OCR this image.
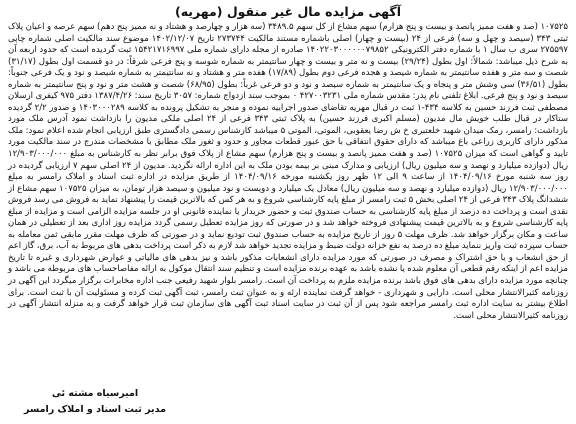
آگهی مزایده مال غیر منقول (مهریه)

۱۰۷۵۲۵ (صد و هفت ممیز پانصد و بیست و پنج هزارم) سهم مشاع از کل سهم ۳۴۸۹.۵ (سه هزار و چهارصد و هشتاد و نه ممیز پنج دهم) سهم عرصه و اعیان پلاک ثبتی ۳۴۳ (سیصد و چهل و سه) فرعی از ۲۴ (بیست و چهار) اصلی باشماره مستند مالکیت ۲۷۳۷۴۴ تاریخ ۱۴۰۲/۱۲/۰۷ موضوع سند مالکیت اصلی شماره چاپی ۲۷۵۵۹۷ سری ب سال ۱ با شماره دفتر الکترونیکی ۱۴۰۲۲۰۳۰۰۰۰۰۰۷۹۸۵۲ صادره از مجله دارای شماره ملی ۱۵۴۲۱۷۱۶۹۹۷ ثبت گردیده است که حدود اربعه آن به شرح ذیل میباشد: شمالاً: اول بطول (۲۹/۲۴) بیست و نه متر و بیست و چهار سانتیمتر به شماره شوسه و پنج فرعی شرقاً: در دو قسمت اول بطول (۳۱/۱۷) شصت و سه متر و هفده سانتیمتر به شماره شیصد و هجده فرعی دوم بطول (۱۷/۸۹) هفده متر و هشتاد و نه سانتیمتر به شماره شیصد و نود و یک فرعی جنوباً: بطول (۳۶/۵۱) سی وشش متر و پنجاه و یک سانتیمتر به شماره سیصد و نود و دو فرعی غرباً: بطول (۶۸/۹۵) شصت و هشت متر و نود و پنج سانتیمتر به شماره سیصد و نود و پنج فرعی. ابلاغ تلفنی نام پدر: مقدس شماره ملی ۴۲۷۰۰۳۲۳۱ ۰ بموجب سند ازدواج شماره: ۳۰۵۷ تاریخ سند: ۱۳۸۷/۴/۲۶ دفتر ۹۷۵ کیفری ارسلان مصطفی ثبت فرزند حسین به کلاسه ۴۳۴-۱ ثبت در قبال مهریه تقاضای صدور اجراییه نموده و منجر به تشکیل پرونده به کلاسه ۱۴۰۳۰۰۰۲۸۹ و صدور ۲/۲ گردیده ستاکار در قبال طلب خویش مال مدیون (مسلم اکبری فرزند حسین) به پلاک ثبتی ۳۴۳ فرعی از ۲۴ اصلی ملکی مدیون را بازداشت نمود آدرس ملک مورد بازداشت: رامسر، رمک میدان شهید خلعتبری خ ش رضا یعقوبی، الموتی، الموتی ۵ میباشد کارشناس رسمی دادگستری طبق ارزیابی انجام شده اعلام نمود: ملک مذکور دارای کاربری زراعی باغ میباشد که دارای حقوق انتفاقی با حق عبور قطعات مجاور و حدود و ثغور ملک مطابق با مشخصات مندرج در سند مالکیت مورد تایید و گواهی است که میزان ۱۰۷۵۲۵ (صد و هفت ممیز پانصد و بیست و پنج هزارم) سهم مشاع از پلاک فوق برابر نظر به کارشناس به مبلغ ۱۲/۹۰۳/۰۰۰/۰۰۰ ریال (دوازده میلیارد و نهصد و سه میلیون ریال) ارزیابی و مدارک مبنی بر بیمه بودن ملک به این اداره ارائه نگردید. مدیون از ۲۴ اصلی سهم ۷ ارزیابی گردیده در روز سه شنبه مورخ ۱۴۰۴/۰۹/۱۶ از ساعت ۹ الی ۱۲ ظهر روز یکشنبه مورخه ۱۴۰۴/۰۹/۱۶ از طریق مزایده در اداره ثبت اسناد و املاک رامسر به مبلغ ۱۲/۹۰۳/۰۰۰/۰۰۰ ریال (دوازده میلیارد و نهصد و سه میلیون ریال) معادل یک میلیارد و دویست و نود میلیون و سیصد هزار تومان، به میزان ۱۰۷۵۲۵ سهم مشاع از ششدانگ پلاک ۳۴۳ فرعی از ۲۴ اصلی بخش ۵ ثبت رامسر از مبلغ پایه کارشناسی شروع و به هر کس که بالاترین قیمت را پیشنهاد نماید به فروش می رسد فروش نقدی است و پرداخت ده درصد از مبلغ پایه کارشناسی به حساب صندوق ثبت و حضور خریدار یا نماینده قانونی او در جلسه مزایده الزامی است و مزایده از مبلغ پایه کارشناسی شروع و به بالاترین قیمت پیشنهادی فروخته خواهد شد و در صورتی که روز مزایده تعطیل رسمی گردد مزایده روز اداری بعد از تعطیلی در همان ساعت و مکان برگزار خواهد شد. ظرف مهلت ۵ روز از تاریخ مزایده به حساب صندوق ثبت تودیع نماید و در صورتی که ظرف مهلت مقرر مابقی ثمن معامله به حساب سپرده ثبت واریز ننماید مبلغ ده درصد به نفع خزانه دولت ضبط و مزایده تجدید خواهد شد لازم به ذکر است پرداخت بدهی های مربوط به آب، برق، گاز اعم از حق انشعاب و یا حق اشتراک و مصرف در صورتی که مورد مزایده دارای انشعابات مذکور باشد و نیز بدهی های مالیاتی و عوارض شهرداری و غیره تا تاریخ مزایده اعم از اینکه رقم قطعی آن معلوم شده یا نشده باشد به عهده برنده مزایده است و تنظیم سند انتقال موکول به ارائه مفاصاحساب های مربوطه می باشد و چنانچه مورد مزایده دارای بدهی های فوق باشد برنده مزایده ملزم به پرداخت آن است. رامسر بلوار شهید رفیعی جنب اداره مخابرات برگزار میگردد این آگهی در روزنامه کثیرالانتشار محلی است. دارایی و شهرداری - خواهد گرفت نماینده ارئه و به عنوان ثبت رامسر، ثبت آگهی ثبت کرده و مسئولیت آن با ثبت است. برای اطلاع بیشتر به سایت اداره ثبت رامسر مراجعه شود پس از آن ثبت در سایت اسناد ثبت آگهی های سازمان ثبت قرار خواهد گرفت و به منزله انتشار آگهی در روزنامه کثیرالانتشار محلی است.

امیرسیاه مشته ئی
مدیر ثبت اسناد و املاک رامسر
